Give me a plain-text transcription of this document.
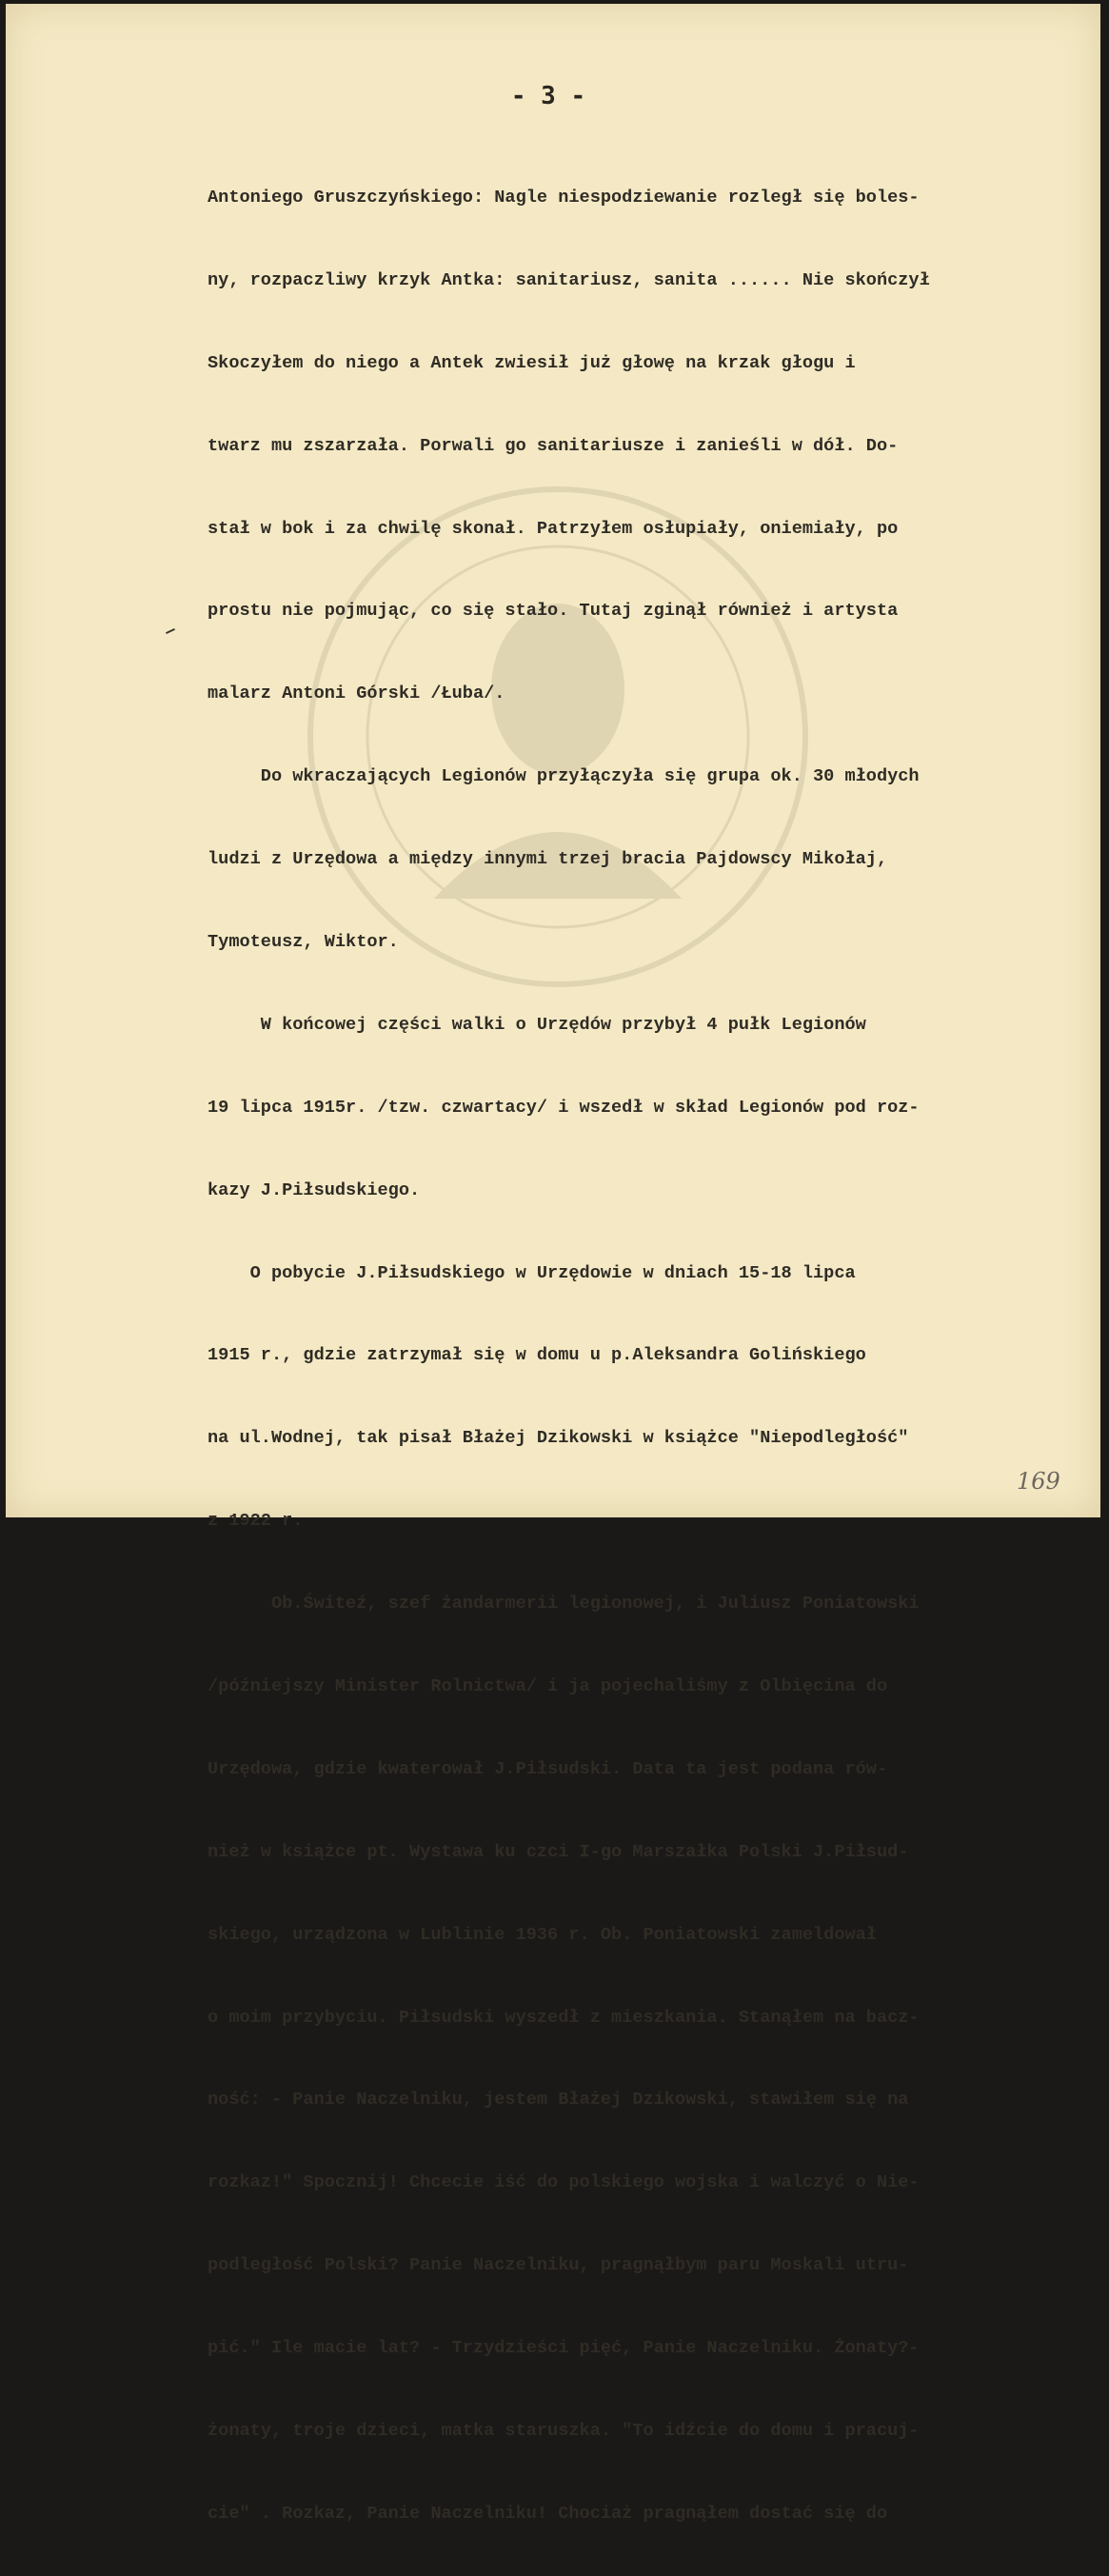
- 3 -

Antoniego Gruszczyńskiego: Nagle niespodziewanie rozległ się boles-

ny, rozpaczliwy krzyk Antka: sanitariusz, sanita ...... Nie skończył

Skoczyłem do niego a Antek zwiesił już głowę na krzak głogu i

twarz mu zszarzała. Porwali go sanitariusze i zanieśli w dół. Do-

stał w bok i za chwilę skonał. Patrzyłem osłupiały, oniemiały, po

prostu nie pojmując, co się stało. Tutaj zginął również i artysta

malarz Antoni Górski /Łuba/.

Do wkraczających Legionów przyłączyła się grupa ok. 30 młodych

ludzi z Urzędowa a między innymi trzej bracia Pajdowscy Mikołaj,

Tymoteusz, Wiktor.

W końcowej części walki o Urzędów przybył 4 pułk Legionów

19 lipca 1915r. /tzw. czwartacy/ i wszedł w skład Legionów pod roz-

kazy J.Piłsudskiego.

O pobycie J.Piłsudskiego w Urzędowie w dniach 15-18 lipca

1915 r., gdzie zatrzymał się w domu u p.Aleksandra Golińskiego

na ul.Wodnej, tak pisał Błażej Dzikowski w książce "Niepodległość"

z 1922 r.

Ob.Świteź, szef żandarmerii legionowej, i Juliusz Poniatowski

/późniejszy Minister Rolnictwa/ i ja pojechaliśmy z Olbięcina do

Urzędowa, gdzie kwaterował J.Piłsudski. Data ta jest podana rów-

nież w książce pt. Wystawa ku czci I-go Marszałka Polski J.Piłsud-

skiego, urządzona w Lublinie 1936 r. Ob. Poniatowski zameldował

o moim przybyciu. Piłsudski wyszedł z mieszkania. Stanąłem na bacz-

ność: - Panie Naczelniku, jestem Błażej Dzikowski, stawiłem się na

rozkaz!" Spocznij! Chcecie iść do polskiego wojska i walczyć o Nie-

podległość Polski? Panie Naczelniku, pragnąłbym paru Moskali utru-

pić." Ile macie lat? - Trzydzieści pięć, Panie Naczelniku. Żonaty?-

żonaty, troje dzieci, matka staruszka. "To idźcie do domu i pracuj-

cie" . Rozkaz, Panie Naczelniku! Chociaż pragnąłem dostać się do

169
